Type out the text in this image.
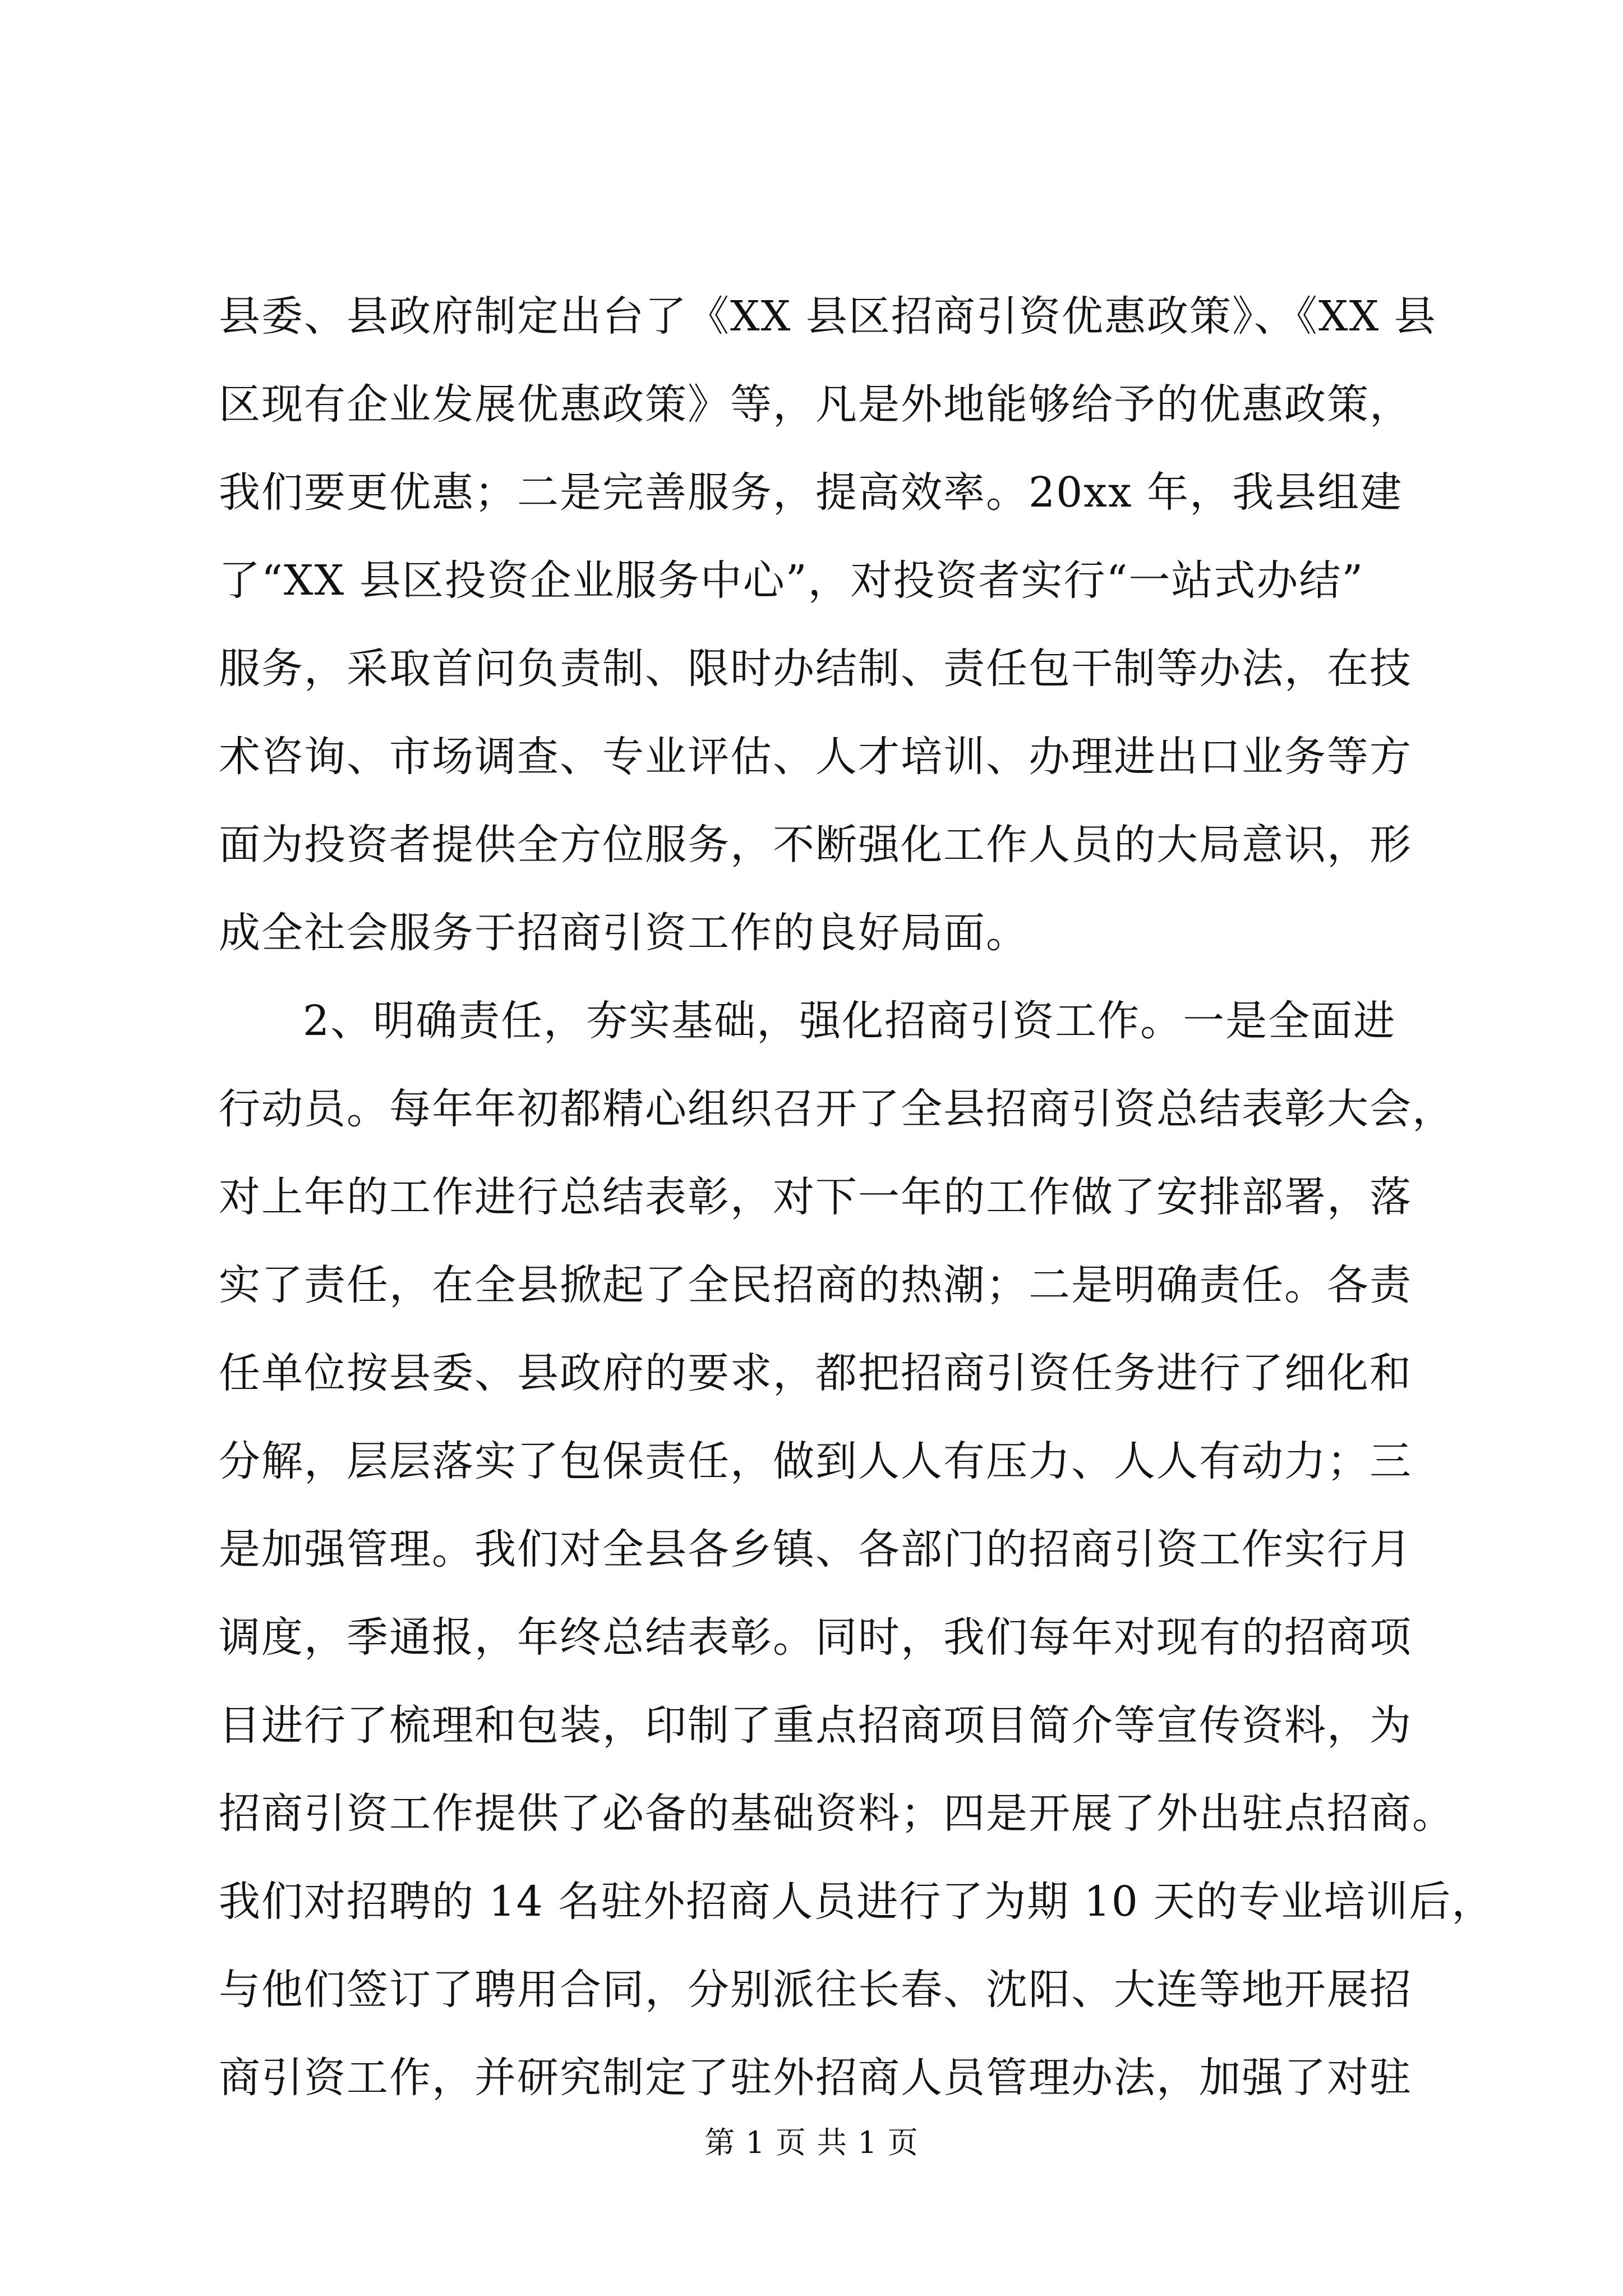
县委、县政府制定出台了《XX 县区招商引资优惠政策》、《XX 县
区现有企业发展优惠政策》等，凡是外地能够给予的优惠政策，
我们要更优惠；二是完善服务，提高效率。20xx 年，我县组建
了“XX 县区投资企业服务中心”，对投资者实行“一站式办结”
服务，采取首问负责制、限时办结制、责任包干制等办法，在技
术咨询、市场调查、专业评估、人才培训、办理进出口业务等方
面为投资者提供全方位服务，不断强化工作人员的大局意识，形
成全社会服务于招商引资工作的良好局面。
2、明确责任，夯实基础，强化招商引资工作。一是全面进
行动员。每年年初都精心组织召开了全县招商引资总结表彰大会，
对上年的工作进行总结表彰，对下一年的工作做了安排部署，落
实了责任，在全县掀起了全民招商的热潮；二是明确责任。各责
任单位按县委、县政府的要求，都把招商引资任务进行了细化和
分解，层层落实了包保责任，做到人人有压力、人人有动力；三
是加强管理。我们对全县各乡镇、各部门的招商引资工作实行月
调度，季通报，年终总结表彰。同时，我们每年对现有的招商项
目进行了梳理和包装，印制了重点招商项目简介等宣传资料，为
招商引资工作提供了必备的基础资料；四是开展了外出驻点招商。
我们对招聘的 14 名驻外招商人员进行了为期 10 天的专业培训后，
与他们签订了聘用合同，分别派往长春、沈阳、大连等地开展招
商引资工作，并研究制定了驻外招商人员管理办法，加强了对驻
第 1 页 共 1 页
